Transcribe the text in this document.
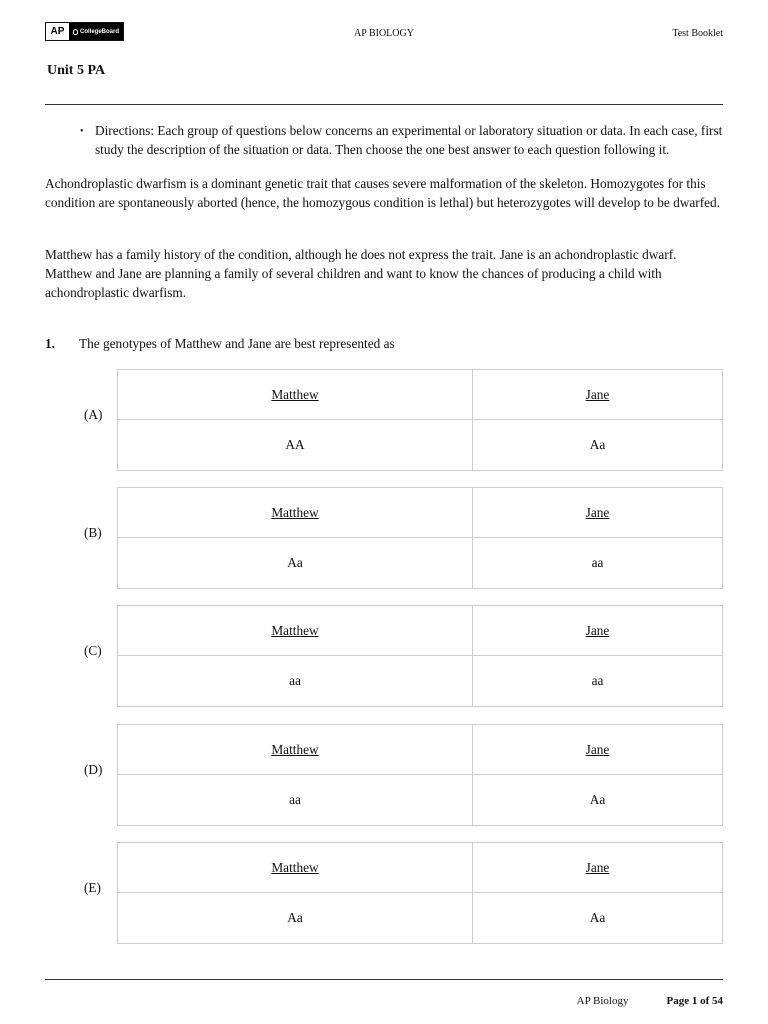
AP	CollegeBoard	AP BIOLOGY	Test Booklet
Unit 5 PA
• Directions: Each group of questions below concerns an experimental or laboratory situation or data. In each case, first study the description of the situation or data. Then choose the one best answer to each question following it.

Achondroplastic dwarfism is a dominant genetic trait that causes severe malformation of the skeleton. Homozygotes for this condition are spontaneously aborted (hence, the homozygous condition is lethal) but heterozygotes will develop to be dwarfed.

Matthew has a family history of the condition, although he does not express the trait. Jane is an achondroplastic dwarf. Matthew and Jane are planning a family of several children and want to know the chances of producing a child with achondroplastic dwarfism.

1.	The genotypes of Matthew and Jane are best represented as
(A)
Matthew	Jane
AA	Aa
(B)
Matthew	Jane
Aa	aa
(C)
Matthew	Jane
aa	aa
(D)
Matthew	Jane
aa	Aa
(E)
Matthew	Jane
Aa	Aa
AP Biology	Page 1 of 54
